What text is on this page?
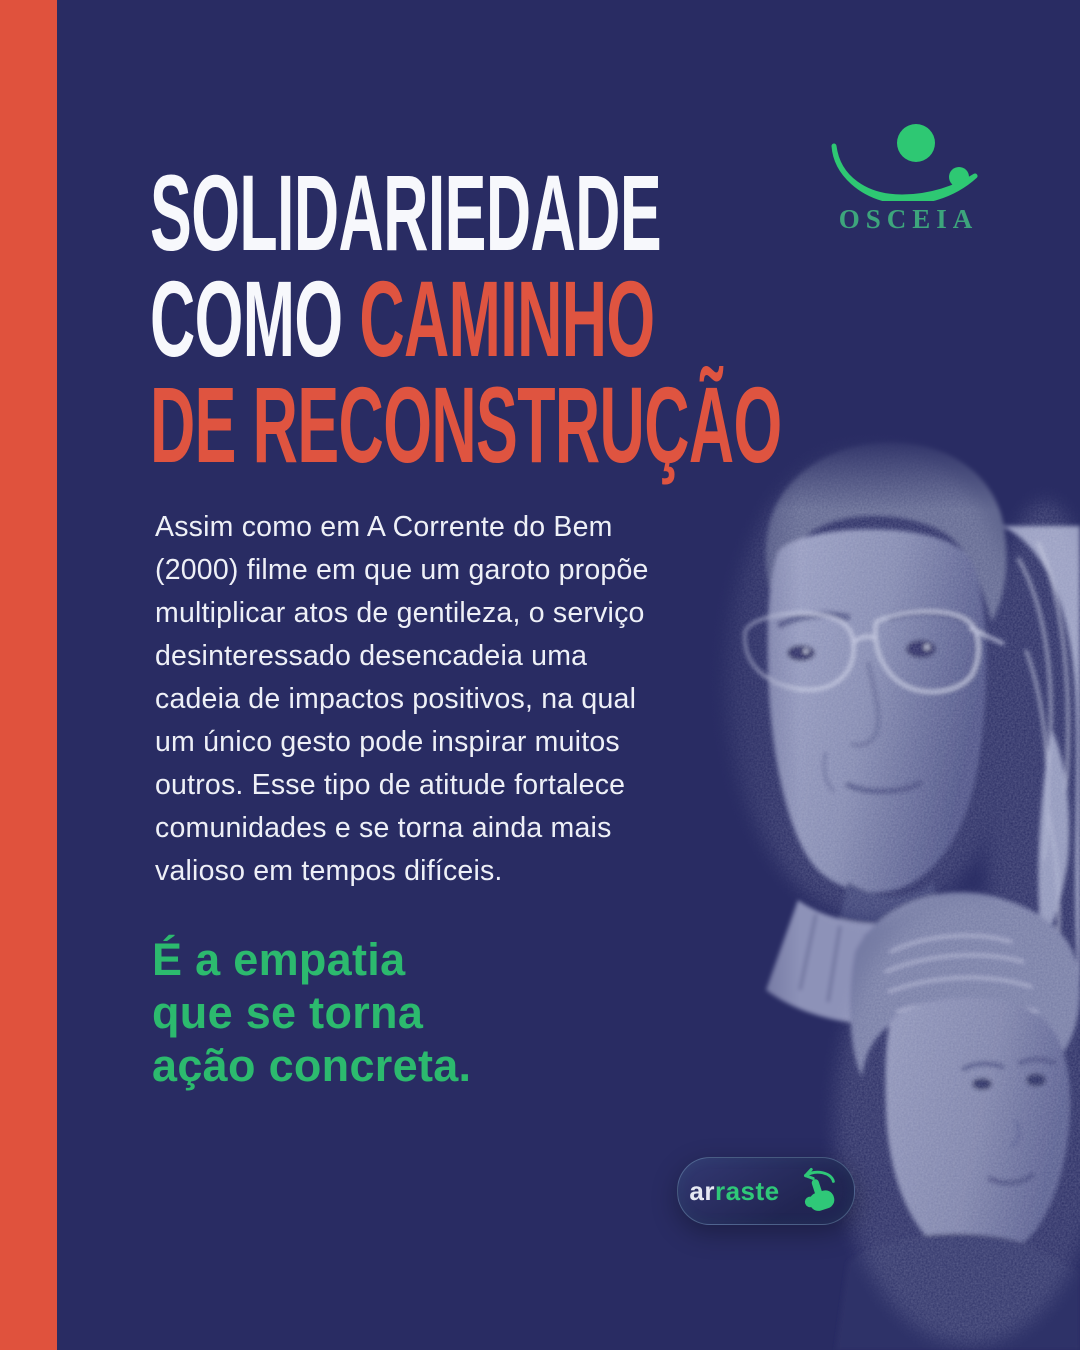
OSCEIA
SOLIDARIEDADE
COMO CAMINHO
DE RECONSTRUÇÃO
Assim como em A Corrente do Bem
(2000) filme em que um garoto propõe
multiplicar atos de gentileza, o serviço
desinteressado desencadeia uma
cadeia de impactos positivos, na qual
um único gesto pode inspirar muitos
outros. Esse tipo de atitude fortalece
comunidades e se torna ainda mais
valioso em tempos difíceis.
É a empatia
que se torna
ação concreta.
arraste
